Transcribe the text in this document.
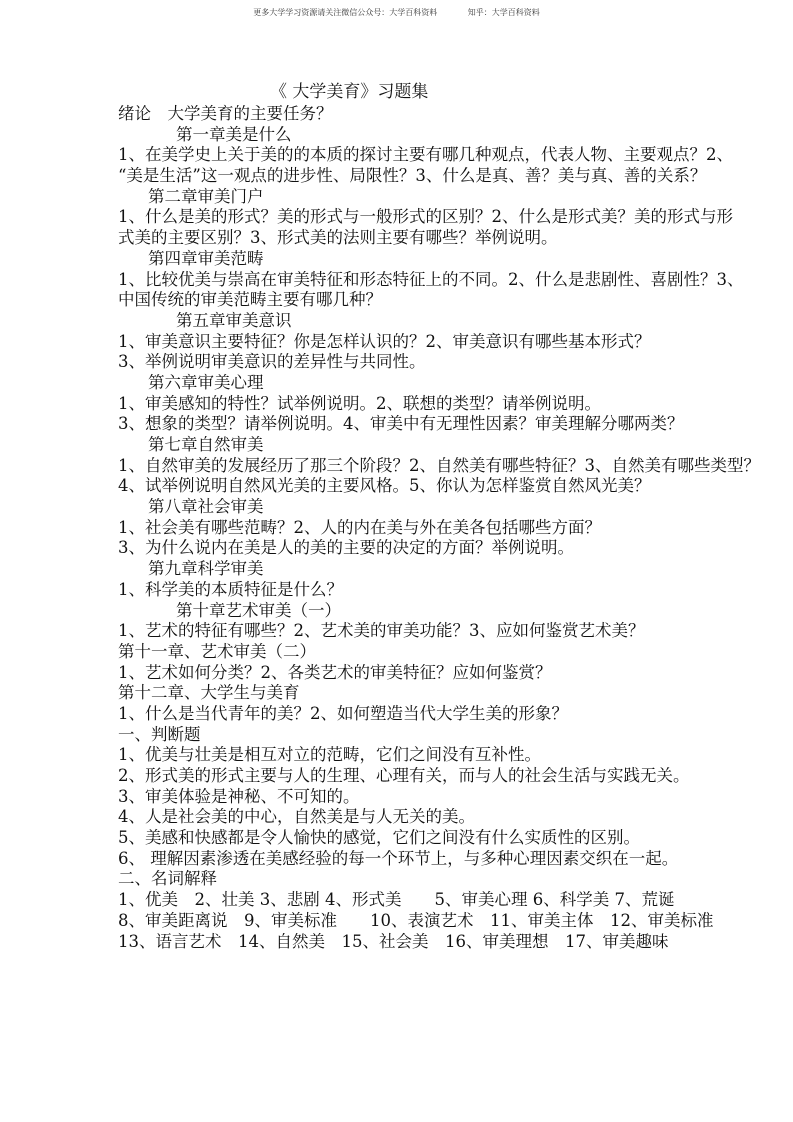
更多大学学习资源请关注微信公众号：大学百科资料	知乎：大学百科资料
《 大学美育》习题集
绪论　大学美育的主要任务？
第一章美是什么
1、在美学史上关于美的的本质的探讨主要有哪几种观点，代表人物、主要观点？2、
“美是生活”这一观点的进步性、局限性？3、什么是真、善？美与真、善的关系？
第二章审美门户
1、什么是美的形式？美的形式与一般形式的区别？2、什么是形式美？美的形式与形
式美的主要区别？3、形式美的法则主要有哪些？举例说明。
第四章审美范畴
1、比较优美与崇高在审美特征和形态特征上的不同。2、什么是悲剧性、喜剧性？3、
中国传统的审美范畴主要有哪几种？
第五章审美意识
1、审美意识主要特征？你是怎样认识的？2、审美意识有哪些基本形式？
3、举例说明审美意识的差异性与共同性。
第六章审美心理
1、审美感知的特性？试举例说明。2、联想的类型？请举例说明。
3、想象的类型？请举例说明。4、审美中有无理性因素？审美理解分哪两类？
第七章自然审美
1、自然审美的发展经历了那三个阶段？2、自然美有哪些特征？3、自然美有哪些类型？
4、试举例说明自然风光美的主要风格。5、你认为怎样鉴赏自然风光美？
第八章社会审美
1、社会美有哪些范畴？2、人的内在美与外在美各包括哪些方面？
3、为什么说内在美是人的美的主要的决定的方面？举例说明。
第九章科学审美
1、科学美的本质特征是什么？
第十章艺术审美（一）
1、艺术的特征有哪些？2、艺术美的审美功能？3、应如何鉴赏艺术美？
第十一章、艺术审美（二）
1、艺术如何分类？2、各类艺术的审美特征？应如何鉴赏？
第十二章、大学生与美育
1、什么是当代青年的美？2、如何塑造当代大学生美的形象？
一、判断题
1、优美与壮美是相互对立的范畴，它们之间没有互补性。
2、形式美的形式主要与人的生理、心理有关，而与人的社会生活与实践无关。
3、审美体验是神秘、不可知的。
4、人是社会美的中心，自然美是与人无关的美。
5、美感和快感都是令人愉快的感觉，它们之间没有什么实质性的区别。
6、 理解因素渗透在美感经验的每一个环节上，与多种心理因素交织在一起。
二、名词解释
1、优美　2、壮美 3、悲剧 4、形式美　　5、审美心理 6、科学美 7、荒诞
8、审美距离说　9、审美标准　　10、表演艺术　11、审美主体　12、审美标准
13、语言艺术　14、自然美　15、社会美　16、审美理想　17、审美趣味
